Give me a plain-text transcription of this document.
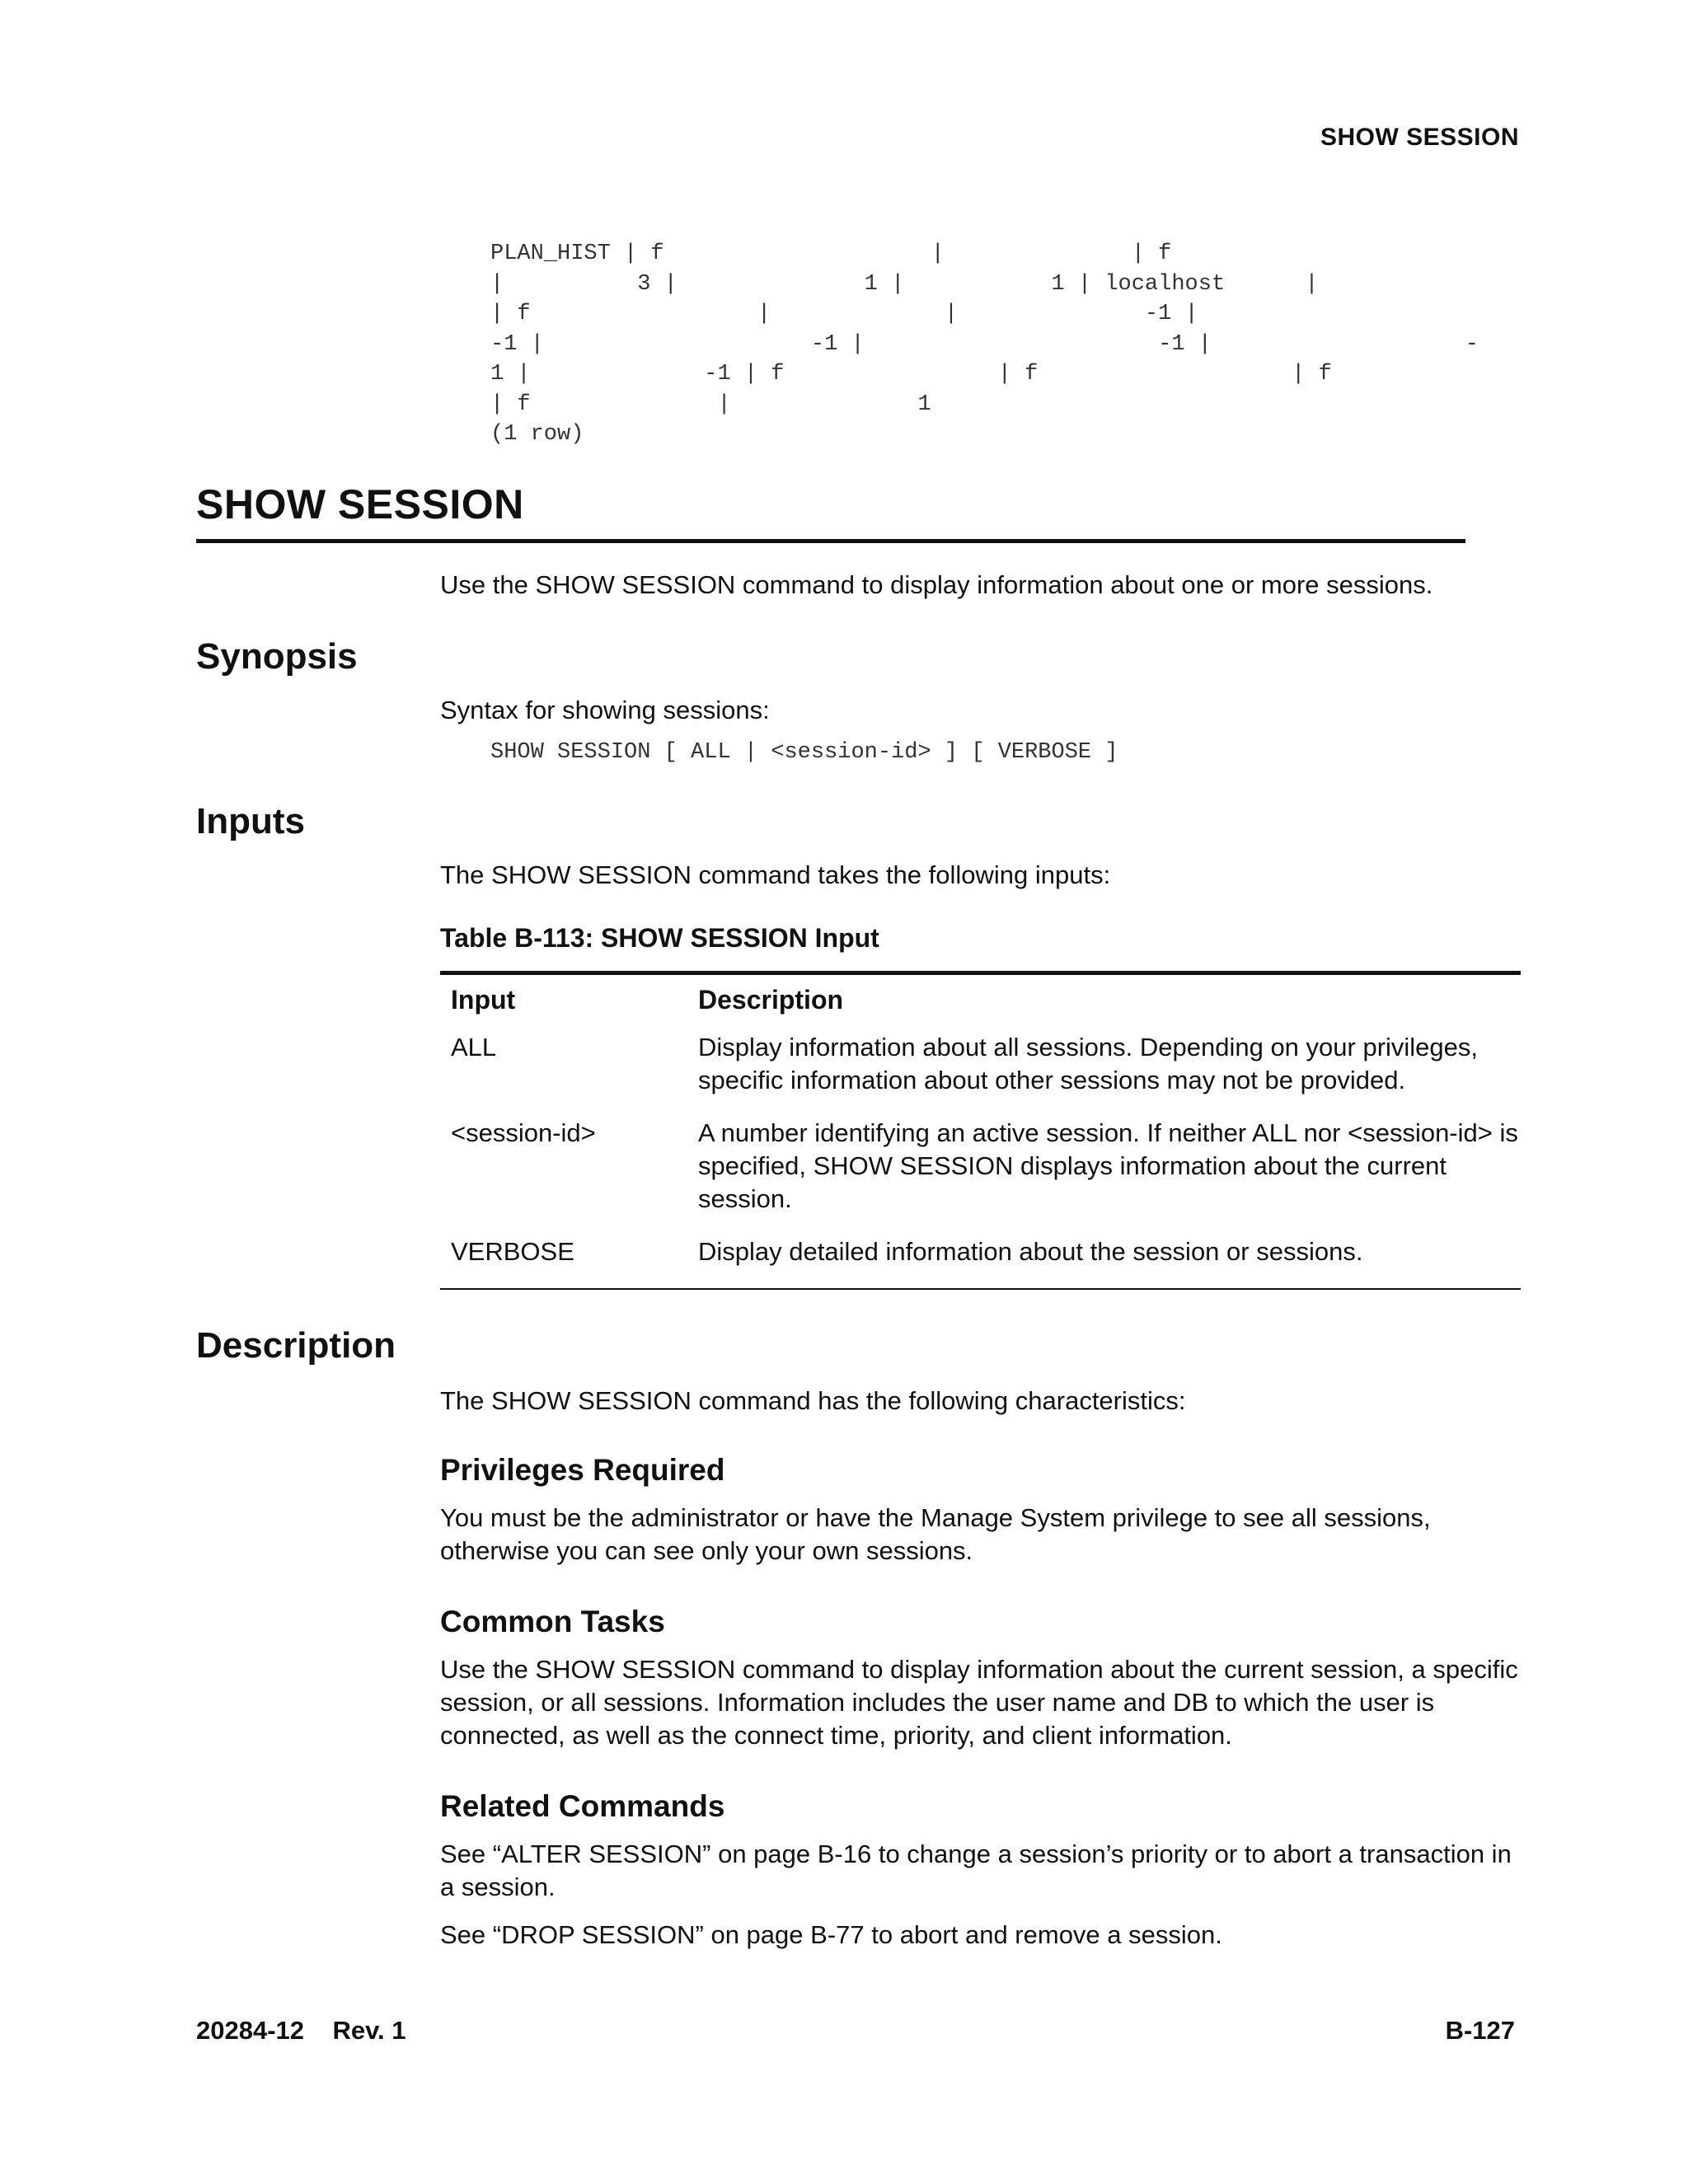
SHOW SESSION
PLAN_HIST | f                    |              | f
|          3 |              1 |           1 | localhost      |
| f                 |             |              -1 |
-1 |                    -1 |                      -1 |                   -
1 |             -1 | f                | f                   | f
| f              |              1
(1 row)
SHOW SESSION
Use the SHOW SESSION command to display information about one or more sessions.
Synopsis
Syntax for showing sessions:
SHOW SESSION [ ALL | <session-id> ] [ VERBOSE ]
Inputs
The SHOW SESSION command takes the following inputs:
Table B-113: SHOW SESSION Input
Input	Description
ALL	Display information about all sessions. Depending on your privileges, specific information about other sessions may not be provided.
<session-id>	A number identifying an active session. If neither ALL nor <session-id> is specified, SHOW SESSION displays information about the current session.
VERBOSE	Display detailed information about the session or sessions.
Description
The SHOW SESSION command has the following characteristics:
Privileges Required
You must be the administrator or have the Manage System privilege to see all sessions, otherwise you can see only your own sessions.
Common Tasks
Use the SHOW SESSION command to display information about the current session, a specific session, or all sessions. Information includes the user name and DB to which the user is connected, as well as the connect time, priority, and client information.
Related Commands
See “ALTER SESSION” on page B-16 to change a session’s priority or to abort a transaction in a session.
See “DROP SESSION” on page B-77 to abort and remove a session.
20284-12    Rev. 1	B-127
